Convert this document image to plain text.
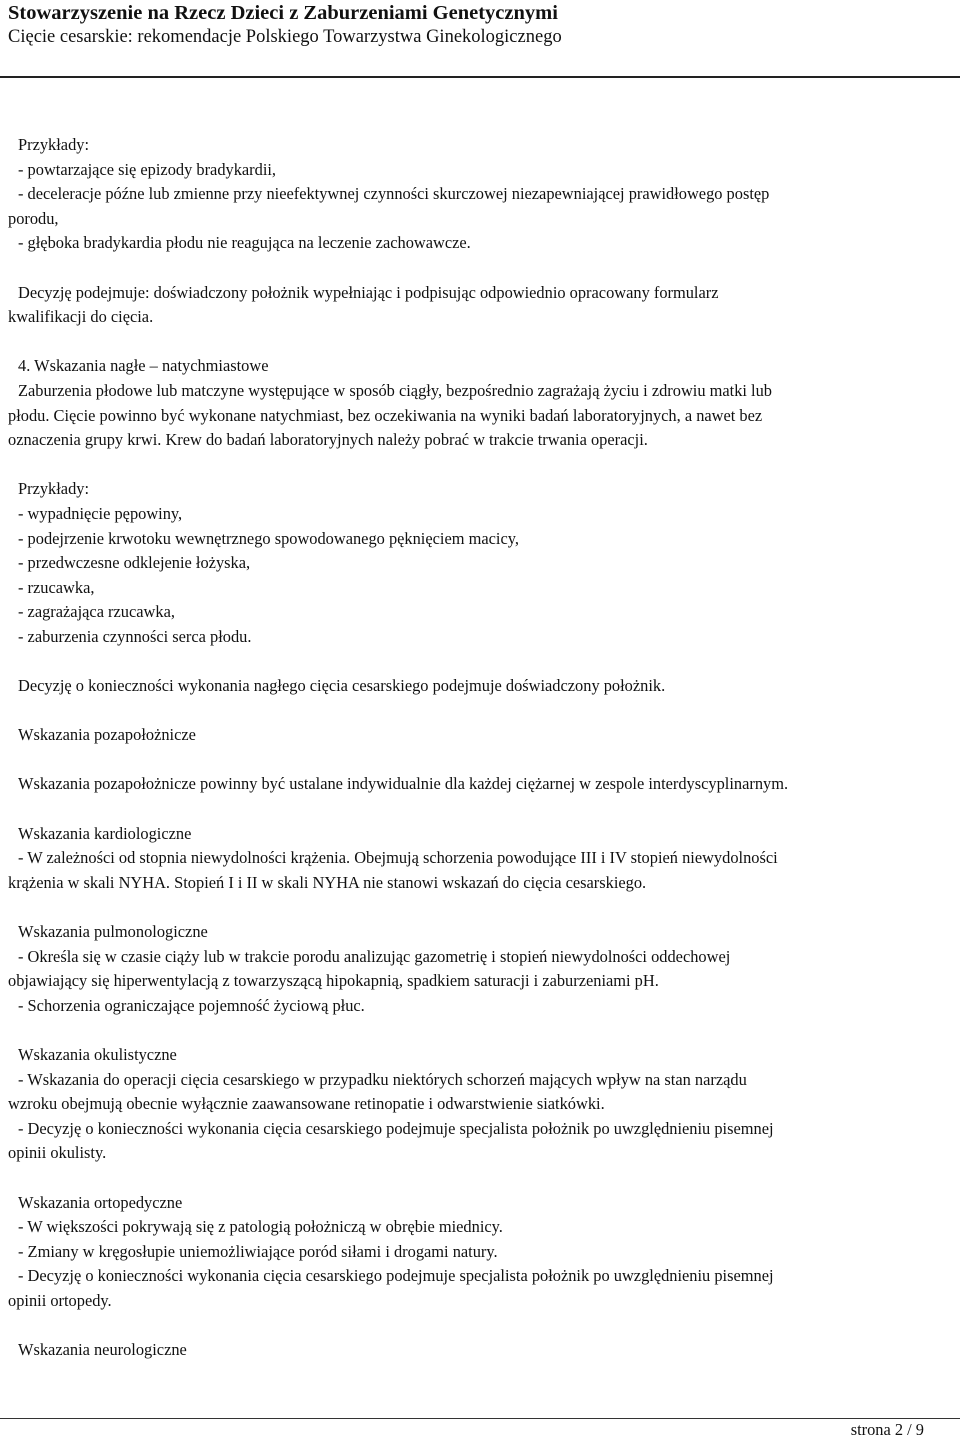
Stowarzyszenie na Rzecz Dzieci z Zaburzeniami Genetycznymi
Cięcie cesarskie: rekomendacje Polskiego Towarzystwa Ginekologicznego

Przykłady:
- powtarzające się epizody bradykardii,
- deceleracje późne lub zmienne przy nieefektywnej czynności skurczowej niezapewniającej prawidłowego postęp
porodu,
- głęboka bradykardia płodu nie reagująca na leczenie zachowawcze.

Decyzję podejmuje: doświadczony położnik wypełniając i podpisując odpowiednio opracowany formularz
kwalifikacji do cięcia.

4. Wskazania nagłe ‒ natychmiastowe
Zaburzenia płodowe lub matczyne występujące w sposób ciągły, bezpośrednio zagrażają życiu i zdrowiu matki lub
płodu. Cięcie powinno być wykonane natychmiast, bez oczekiwania na wyniki badań laboratoryjnych, a nawet bez
oznaczenia grupy krwi. Krew do badań laboratoryjnych należy pobrać w trakcie trwania operacji.

Przykłady:
- wypadnięcie pępowiny,
- podejrzenie krwotoku wewnętrznego spowodowanego pęknięciem macicy,
- przedwczesne odklejenie łożyska,
- rzucawka,
- zagrażająca rzucawka,
- zaburzenia czynności serca płodu.

Decyzję o konieczności wykonania nagłego cięcia cesarskiego podejmuje doświadczony położnik.

Wskazania pozapołożnicze

Wskazania pozapołożnicze powinny być ustalane indywidualnie dla każdej ciężarnej w zespole interdyscyplinarnym.

Wskazania kardiologiczne
- W zależności od stopnia niewydolności krążenia. Obejmują schorzenia powodujące III i IV stopień niewydolności
krążenia w skali NYHA. Stopień I i II w skali NYHA nie stanowi wskazań do cięcia cesarskiego.

Wskazania pulmonologiczne
- Określa się w czasie ciąży lub w trakcie porodu analizując gazometrię i stopień niewydolności oddechowej
objawiający się hiperwentylacją z towarzyszącą hipokapnią, spadkiem saturacji i zaburzeniami pH.
- Schorzenia ograniczające pojemność życiową płuc.

Wskazania okulistyczne
- Wskazania do operacji cięcia cesarskiego w przypadku niektórych schorzeń mających wpływ na stan narządu
wzroku obejmują obecnie wyłącznie zaawansowane retinopatie i odwarstwienie siatkówki.
- Decyzję o konieczności wykonania cięcia cesarskiego podejmuje specjalista położnik po uwzględnieniu pisemnej
opinii okulisty.

Wskazania ortopedyczne
- W większości pokrywają się z patologią położniczą w obrębie miednicy.
- Zmiany w kręgosłupie uniemożliwiające poród siłami i drogami natury.
- Decyzję o konieczności wykonania cięcia cesarskiego podejmuje specjalista położnik po uwzględnieniu pisemnej
opinii ortopedy.

Wskazania neurologiczne

strona 2 / 9
